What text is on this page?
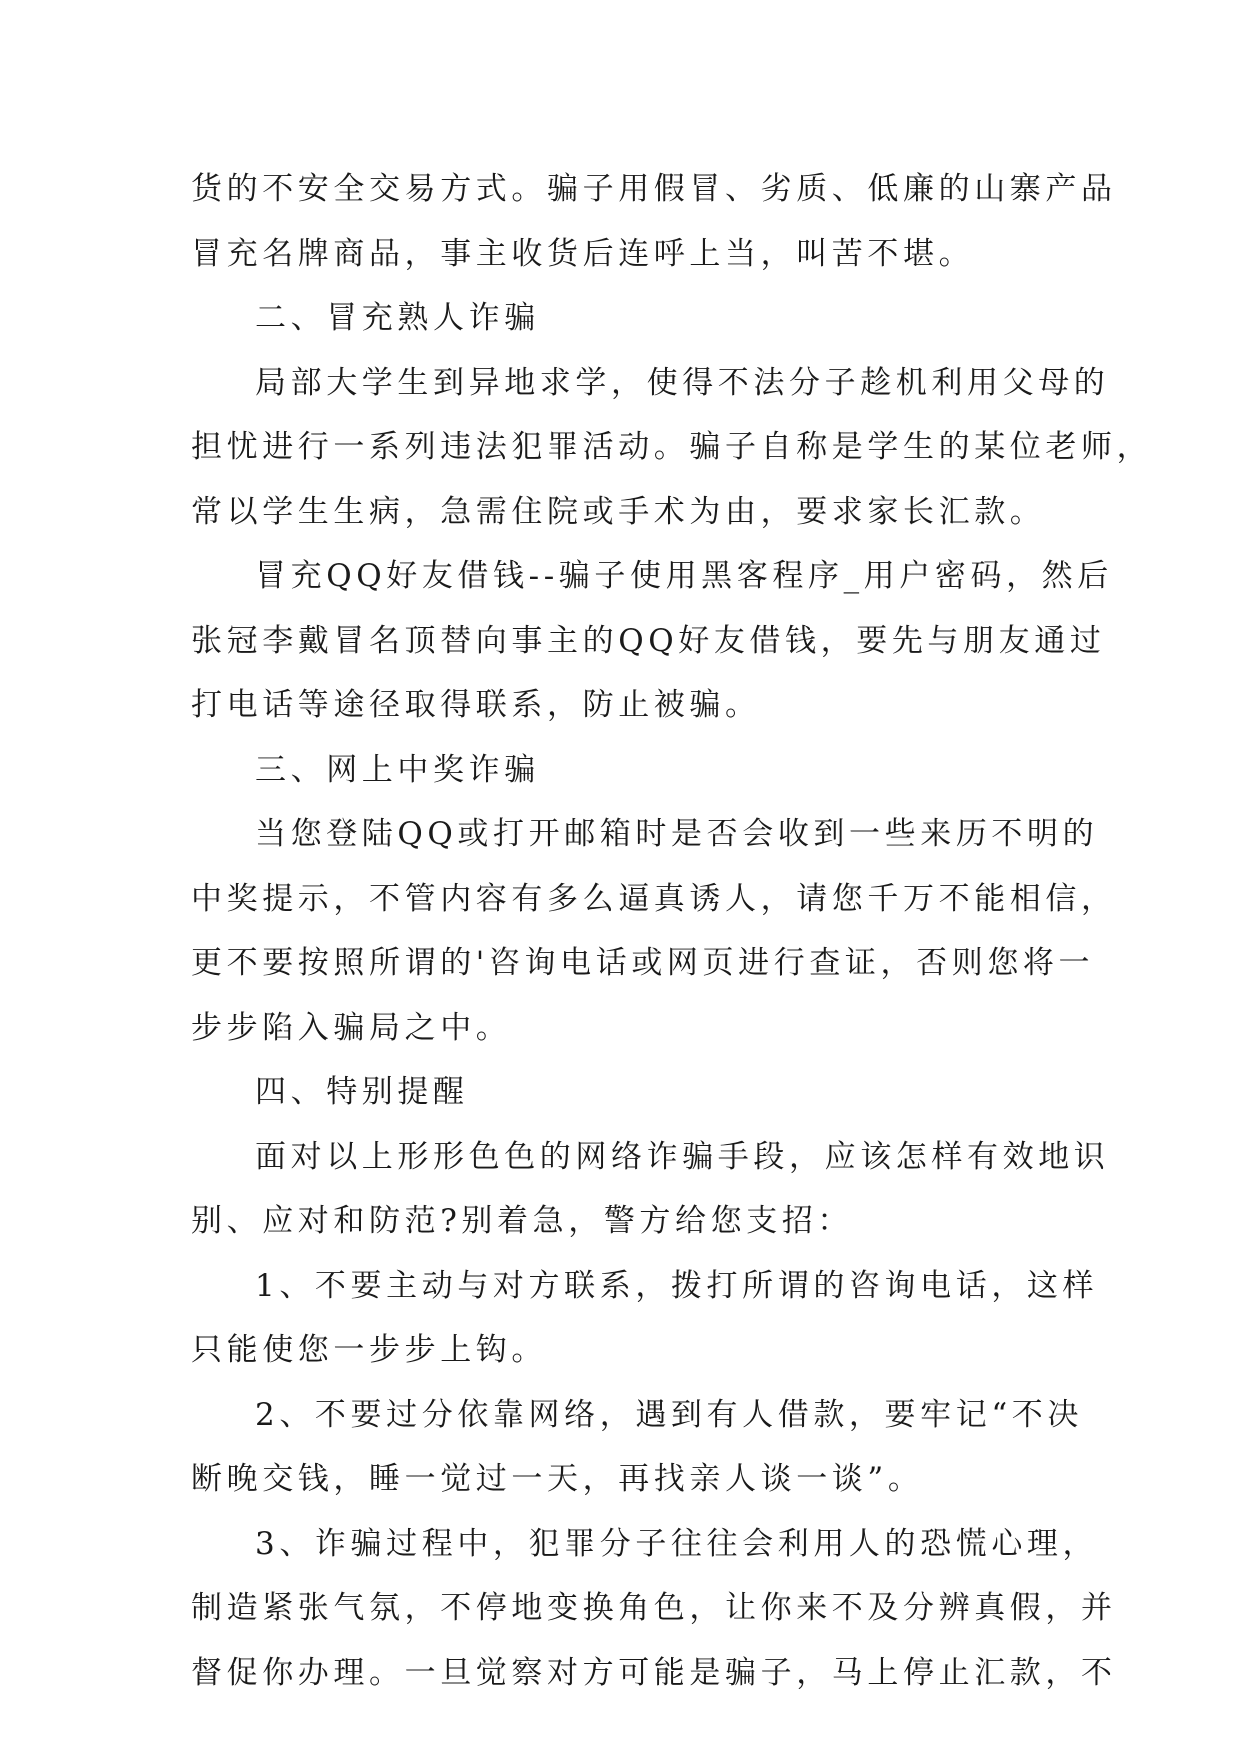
货的不安全交易方式。骗子用假冒、劣质、低廉的山寨产品
冒充名牌商品，事主收货后连呼上当，叫苦不堪。
二、冒充熟人诈骗
局部大学生到异地求学，使得不法分子趁机利用父母的
担忧进行一系列违法犯罪活动。骗子自称是学生的某位老师，
常以学生生病，急需住院或手术为由，要求家长汇款。
冒充QQ好友借钱--骗子使用黑客程序_用户密码，然后
张冠李戴冒名顶替向事主的QQ好友借钱，要先与朋友通过
打电话等途径取得联系，防止被骗。
三、网上中奖诈骗
当您登陆QQ或打开邮箱时是否会收到一些来历不明的
中奖提示，不管内容有多么逼真诱人，请您千万不能相信，
更不要按照所谓的'咨询电话或网页进行查证，否则您将一
步步陷入骗局之中。
四、特别提醒
面对以上形形色色的网络诈骗手段，应该怎样有效地识
别、应对和防范?别着急，警方给您支招：
1、不要主动与对方联系，拨打所谓的咨询电话，这样
只能使您一步步上钩。
2、不要过分依靠网络，遇到有人借款，要牢记“不决
断晚交钱，睡一觉过一天，再找亲人谈一谈”。
3、诈骗过程中，犯罪分子往往会利用人的恐慌心理，
制造紧张气氛，不停地变换角色，让你来不及分辨真假，并
督促你办理。一旦觉察对方可能是骗子，马上停止汇款，不
